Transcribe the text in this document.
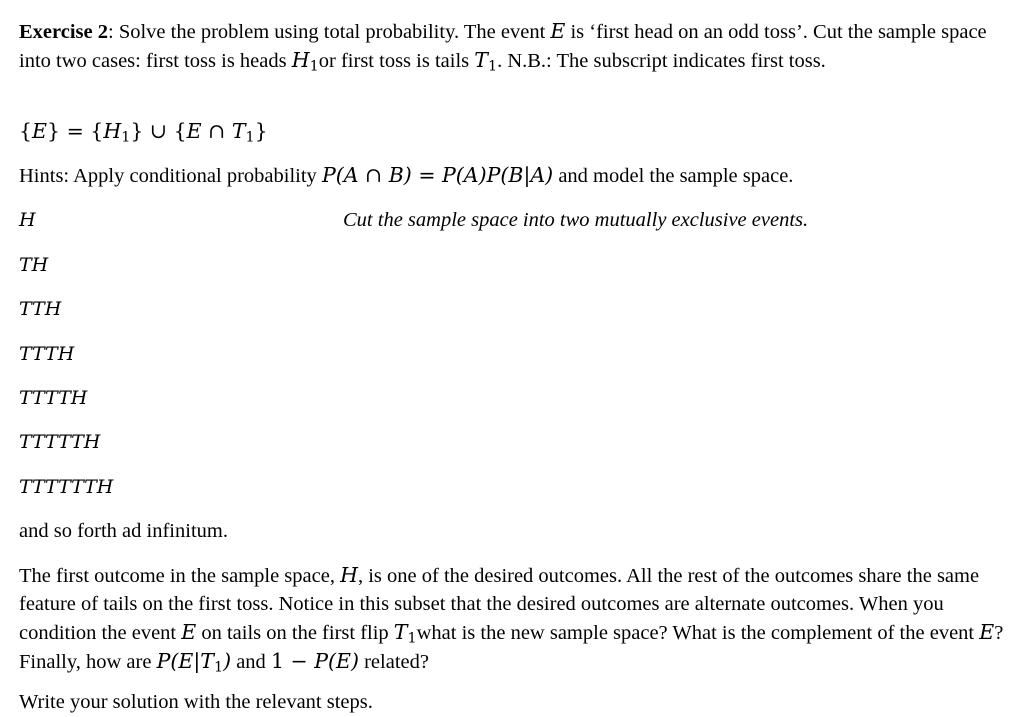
Exercise 2: Solve the problem using total probability. The event E is ‘first head on an odd toss’. Cut the sample space into two cases: first toss is heads $H_1or$ first toss is tails $T_1$. N.B.: The subscript indicates first toss.

$\{E\} = \{H_1\}$ ∪ {E ∩ $T_1$}

Hints: Apply conditional probability P(A ∩ B) = P(A)P(B|A) and model the sample space.

H	Cut the sample space into two mutually exclusive events.
TH
TTH
TTTH
TTTTH
TTTTTH
TTTTTTH

and so forth ad infinitum.

The first outcome in the sample space, H, is one of the desired outcomes. All the rest of the outcomes share the same feature of tails on the first toss. Notice in this subset that the desired outcomes are alternate outcomes. When you condition the event E on tails on the first flip $T_1what$ is the new sample space? What is the complement of the event E? Finally, how are $P(E|T_1)$ and 1 − P(E) related?

Write your solution with the relevant steps.
